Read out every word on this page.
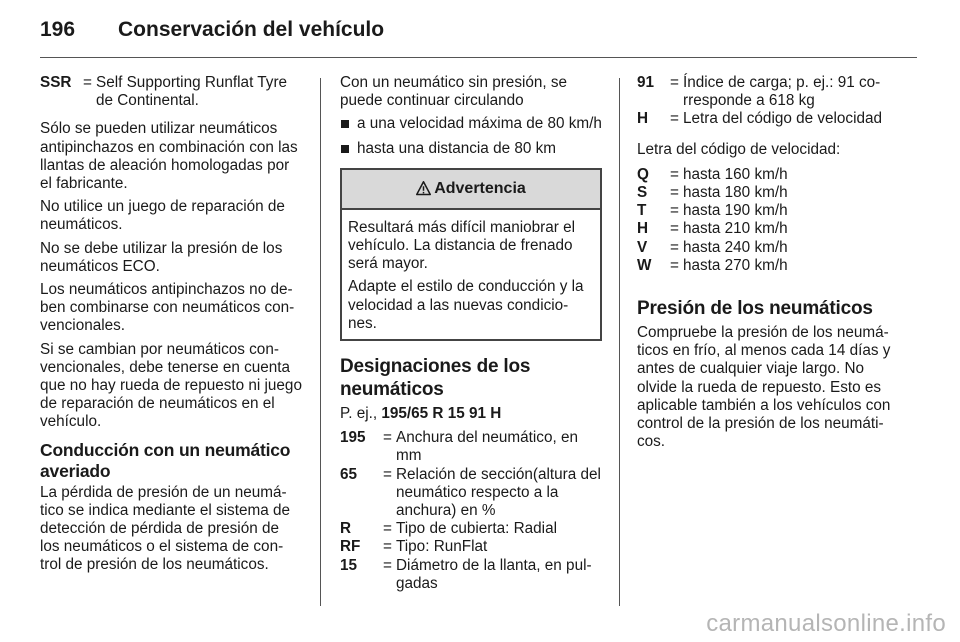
196	Conservación del vehículo
SSR = Self Supporting Runflat Tyre de Continental.

Sólo se pueden utilizar neumáticos antipinchazos en combinación con las llantas de aleación homologadas por el fabricante.

No utilice un juego de reparación de neumáticos.

No se debe utilizar la presión de los neumáticos ECO.

Los neumáticos antipinchazos no de-ben combinarse con neumáticos con-vencionales.

Si se cambian por neumáticos con-vencionales, debe tenerse en cuenta que no hay rueda de repuesto ni juego de reparación de neumáticos en el vehículo.

Conducción con un neumático averiado

La pérdida de presión de un neumá-tico se indica mediante el sistema de detección de pérdida de presión de los neumáticos o el sistema de con-trol de presión de los neumáticos.

Con un neumático sin presión, se puede continuar circulando

a una velocidad máxima de 80 km/h
hasta una distancia de 80 km
Advertencia

Resultará más difícil maniobrar el vehículo. La distancia de frenado será mayor.

Adapte el estilo de conducción y la velocidad a las nuevas condicio-nes.

Designaciones de los neumáticos

P. ej., 195/65 R 15 91 H

195	= Anchura del neumático, en mm
65	= Relación de sección(altura del neumático respecto a la anchura) en %
R	= Tipo de cubierta: Radial
RF	= Tipo: RunFlat
15	= Diámetro de la llanta, en pul-gadas
91	= Índice de carga; p. ej.: 91 co-rresponde a 618 kg
H	= Letra del código de velocidad

Letra del código de velocidad:

Q	= hasta 160 km/h
S	= hasta 180 km/h
T	= hasta 190 km/h
H	= hasta 210 km/h
V	= hasta 240 km/h
W	= hasta 270 km/h
Presión de los neumáticos

Compruebe la presión de los neumá-ticos en frío, al menos cada 14 días y antes de cualquier viaje largo. No olvide la rueda de repuesto. Esto es aplicable también a los vehículos con control de la presión de los neumáti-cos.

carmanualsonline.info
